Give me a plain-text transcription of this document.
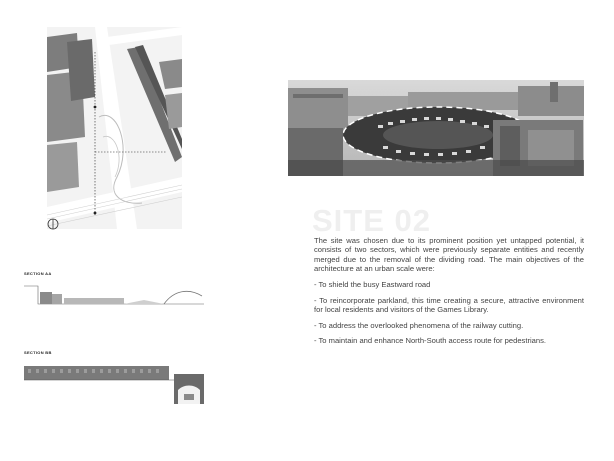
SECTION AA
SECTION BB
SITE 02

The site was chosen due to its prominent position yet untapped potential, it consists of two sectors, which were previously separate entities and recently merged due to the removal of the dividing road. The main objectives of the architecture at an urban scale were:

- To shield the busy Eastward road

- To reincorporate parkland, this time creating a secure, attractive environment for local residents and visitors of the Games Library.

- To address the overlooked phenomena of the railway cutting.

- To maintain and enhance North-South access route for pedestrians.
